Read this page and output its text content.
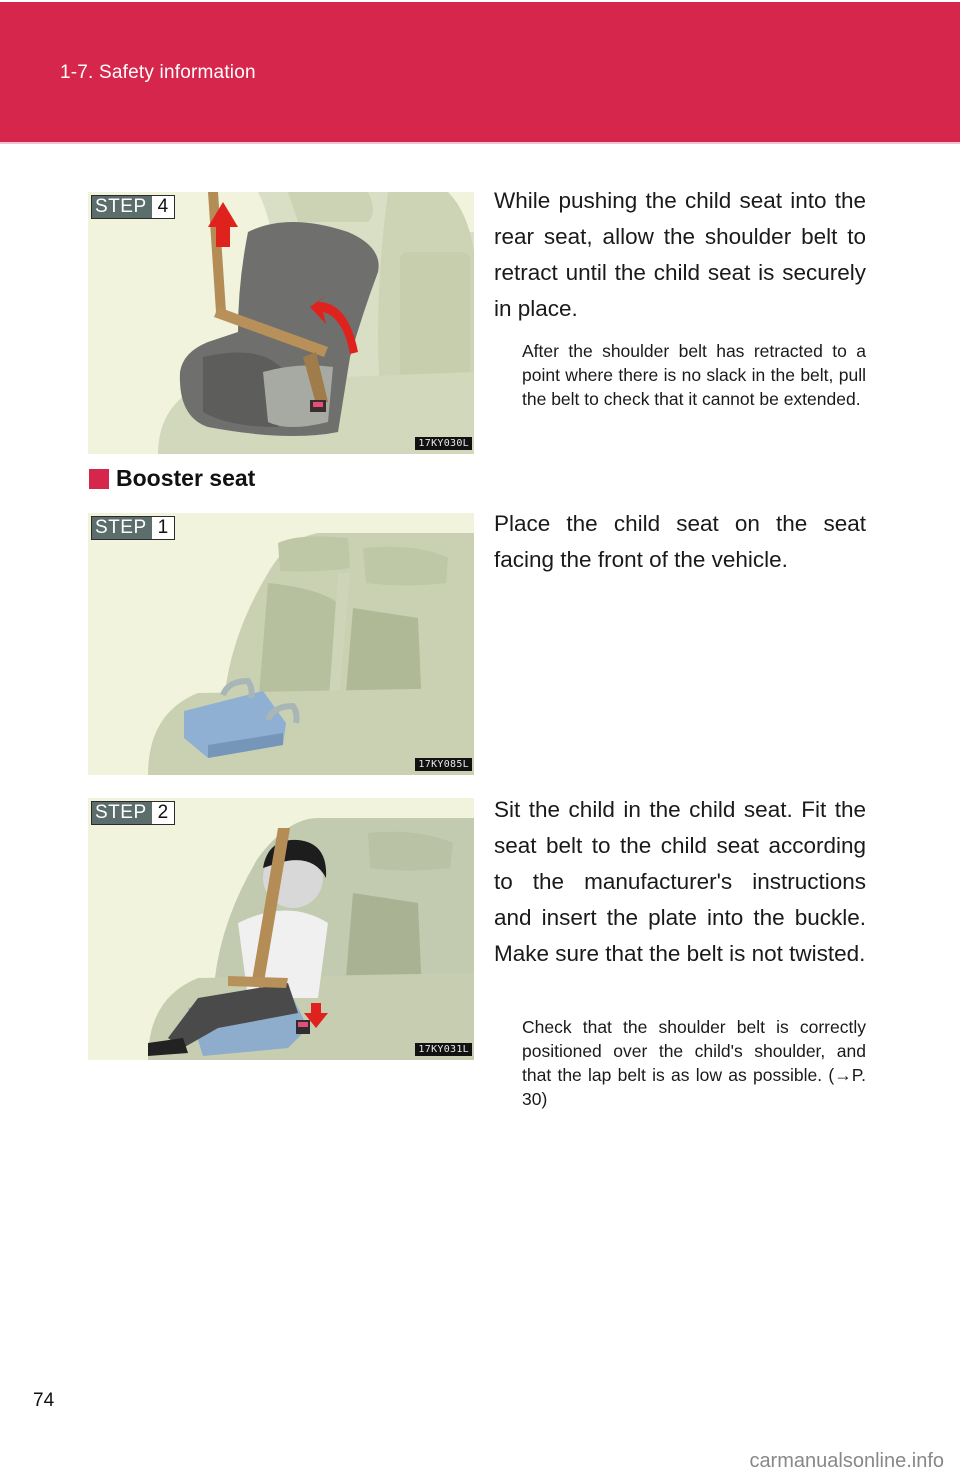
1-7. Safety information
STEP 4
17KY030L
While pushing the child seat into the rear seat, allow the shoulder belt to retract until the child seat is securely in place.
After the shoulder belt has retracted to a point where there is no slack in the belt, pull the belt to check that it cannot be extended.
Booster seat
STEP 1
17KY085L
Place the child seat on the seat facing the front of the vehicle.
STEP 2
17KY031L
Sit the child in the child seat. Fit the seat belt to the child seat according to the manufacturer's instructions and insert the plate into the buckle. Make sure that the belt is not twisted.
Check that the shoulder belt is correctly positioned over the child's shoulder, and that the lap belt is as low as possible. (→P. 30)
74
carmanualsonline.info
